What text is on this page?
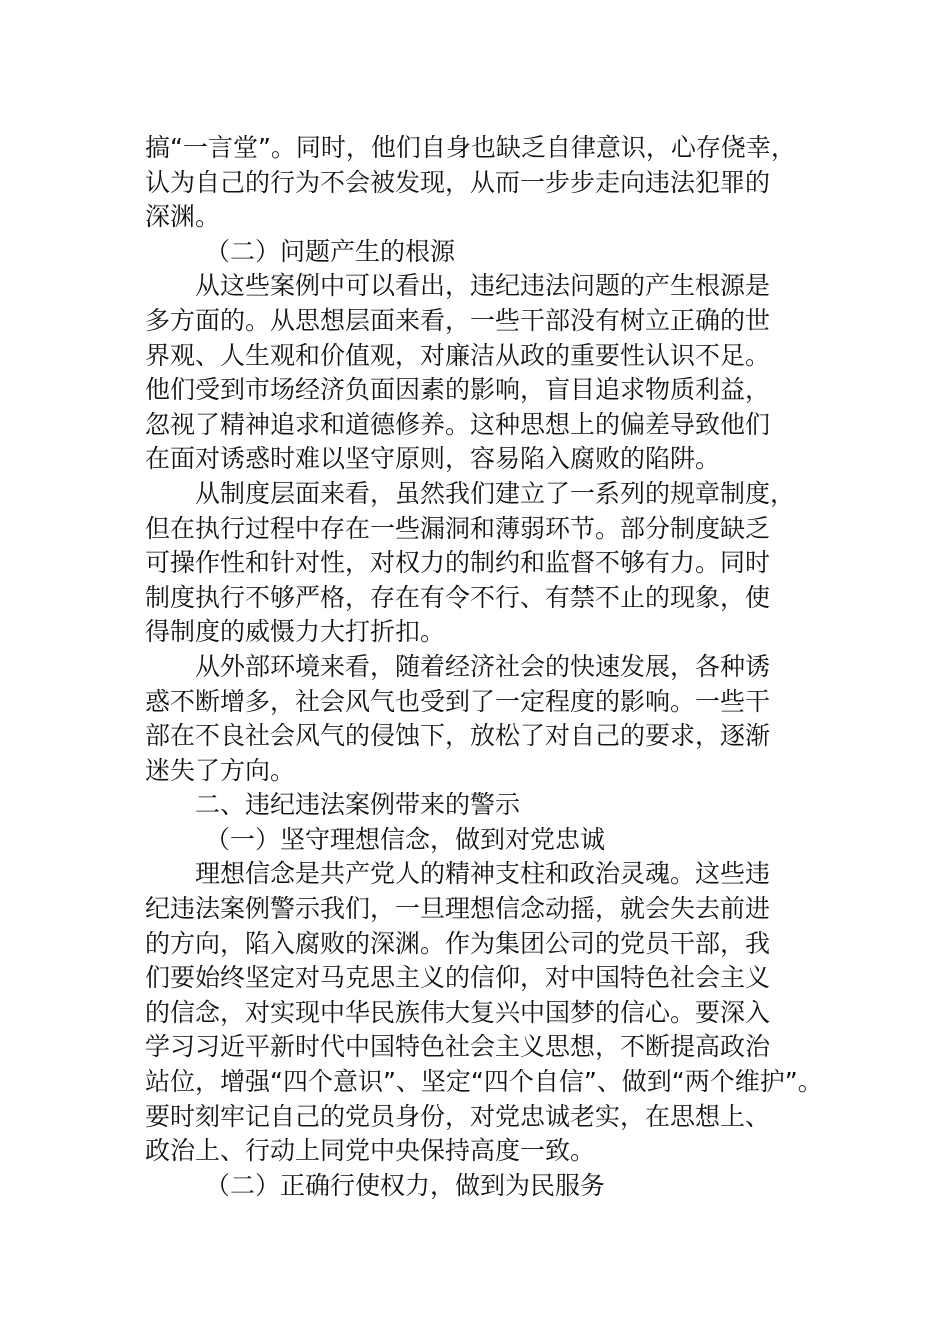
搞“一言堂”。同时，他们自身也缺乏自律意识，心存侥幸，
认为自己的行为不会被发现，从而一步步走向违法犯罪的
深渊。
（二）问题产生的根源
从这些案例中可以看出，违纪违法问题的产生根源是
多方面的。从思想层面来看，一些干部没有树立正确的世
界观、人生观和价值观，对廉洁从政的重要性认识不足。
他们受到市场经济负面因素的影响，盲目追求物质利益，
忽视了精神追求和道德修养。这种思想上的偏差导致他们
在面对诱惑时难以坚守原则，容易陷入腐败的陷阱。
从制度层面来看，虽然我们建立了一系列的规章制度，
但在执行过程中存在一些漏洞和薄弱环节。部分制度缺乏
可操作性和针对性，对权力的制约和监督不够有力。同时
制度执行不够严格，存在有令不行、有禁不止的现象，使
得制度的威慑力大打折扣。
从外部环境来看，随着经济社会的快速发展，各种诱
惑不断增多，社会风气也受到了一定程度的影响。一些干
部在不良社会风气的侵蚀下，放松了对自己的要求，逐渐
迷失了方向。
二、违纪违法案例带来的警示
（一）坚守理想信念，做到对党忠诚
理想信念是共产党人的精神支柱和政治灵魂。这些违
纪违法案例警示我们，一旦理想信念动摇，就会失去前进
的方向，陷入腐败的深渊。作为集团公司的党员干部，我
们要始终坚定对马克思主义的信仰，对中国特色社会主义
的信念，对实现中华民族伟大复兴中国梦的信心。要深入
学习习近平新时代中国特色社会主义思想，不断提高政治
站位，增强“四个意识”、坚定“四个自信”、做到“两个维护”。
要时刻牢记自己的党员身份，对党忠诚老实，在思想上、
政治上、行动上同党中央保持高度一致。
（二）正确行使权力，做到为民服务
